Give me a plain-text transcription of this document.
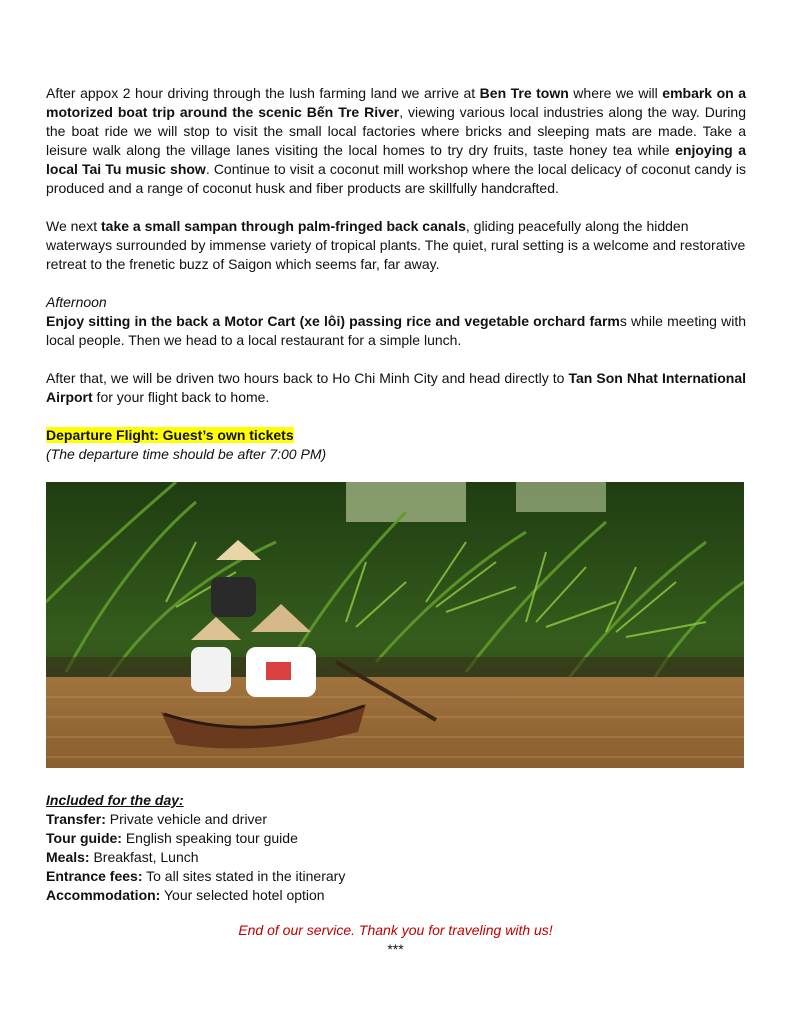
After appox 2 hour driving through the lush farming land we arrive at Ben Tre town where we will embark on a motorized boat trip around the scenic Bến Tre River, viewing various local industries along the way. During the boat ride we will stop to visit the small local factories where bricks and sleeping mats are made. Take a leisure walk along the village lanes visiting the local homes to try dry fruits, taste honey tea while enjoying a local Tai Tu music show. Continue to visit a coconut mill workshop where the local delicacy of coconut candy is produced and a range of coconut husk and fiber products are skillfully handcrafted.

We next take a small sampan through palm-fringed back canals, gliding peacefully along the hidden waterways surrounded by immense variety of tropical plants. The quiet, rural setting is a welcome and restorative retreat to the frenetic buzz of Saigon which seems far, far away.

Afternoon

Enjoy sitting in the back a Motor Cart (xe lôi) passing rice and vegetable orchard farms while meeting with local people. Then we head to a local restaurant for a simple lunch.

After that, we will be driven two hours back to Ho Chi Minh City and head directly to Tan Son Nhat International Airport for your flight back to home.

Departure Flight: Guest’s own tickets

(The departure time should be after 7:00 PM)

Included for the day:

Transfer: Private vehicle and driver

Tour guide: English speaking tour guide

Meals: Breakfast, Lunch

Entrance fees: To all sites stated in the itinerary

Accommodation: Your selected hotel option

End of our service. Thank you for traveling with us!

***
